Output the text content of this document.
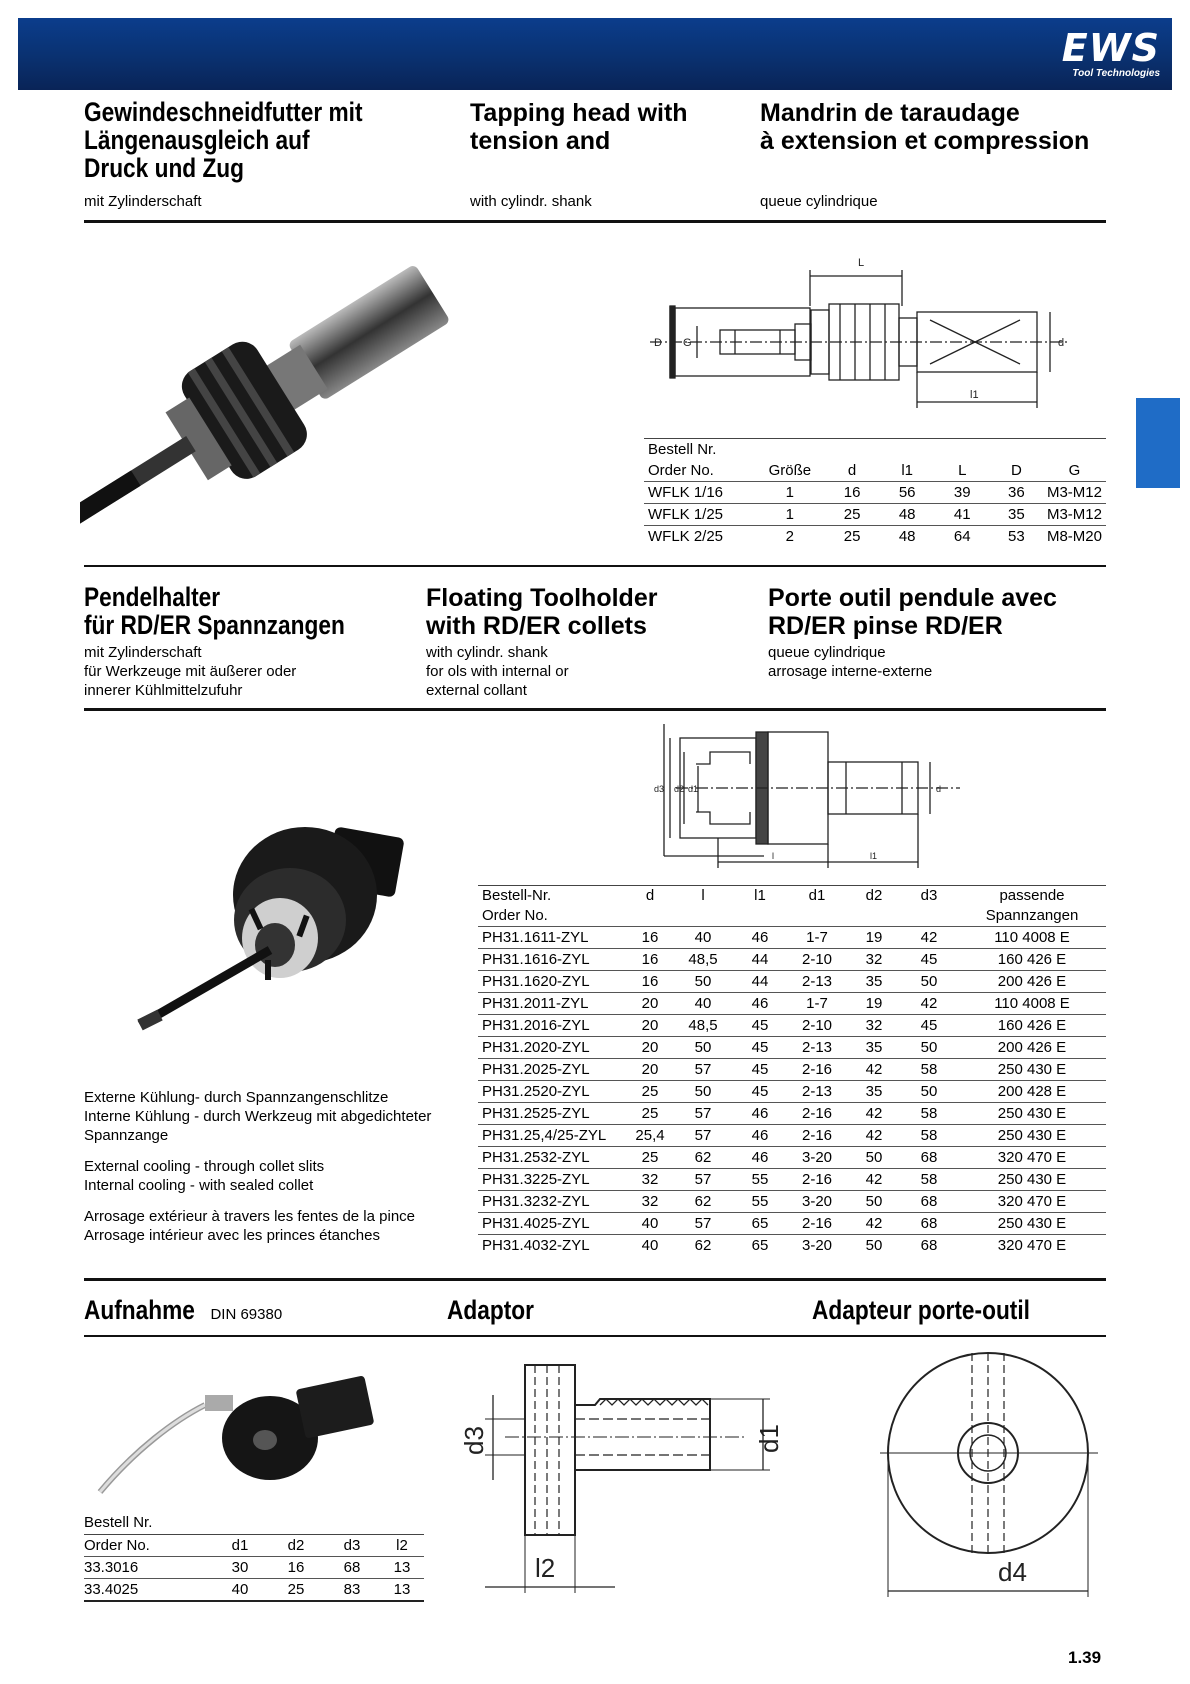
EWS
Tool Technologies
Gewindeschneidfutter mit
Längenausgleich auf
Druck und Zug
Tapping head with
tension and
Mandrin de taraudage
à extension et compression
mit Zylinderschaft	with cylindr. shank	queue cylindrique
L
D G	d
l1
Bestell Nr.
Order No.	Größe	d	l1	L	D	G
WFLK 1/16	1	16	56	39	36	M3-M12
WFLK 1/25	1	25	48	41	35	M3-M12
WFLK 2/25	2	25	48	64	53	M8-M20
Pendelhalter
für RD/ER Spannzangen
Floating Toolholder
with RD/ER collets
Porte outil pendule avec
RD/ER pinse RD/ER
mit Zylinderschaft
für Werkzeuge mit äußerer oder
innerer Kühlmittelzufuhr
with cylindr. shank
for ols with internal or
external collant
queue cylindrique
arrosage interne-externe
d3 d2 d1	d
l	l1
Externe Kühlung- durch Spannzangenschlitze
Interne Kühlung - durch Werkzeug mit abgedichteter
Spannzange
External cooling - through collet slits
Internal cooling - with sealed collet
Arrosage extérieur à travers les fentes de la pince
Arrosage intérieur avec les princes étanches
Bestell-Nr.	d	l	l1	d1	d2	d3	passende
Order No.							Spannzangen
PH31.1611-ZYL	16	40	46	1-7	19	42	110 4008 E
PH31.1616-ZYL	16	48,5	44	2-10	32	45	160 426 E
PH31.1620-ZYL	16	50	44	2-13	35	50	200 426 E
PH31.2011-ZYL	20	40	46	1-7	19	42	110 4008 E
PH31.2016-ZYL	20	48,5	45	2-10	32	45	160 426 E
PH31.2020-ZYL	20	50	45	2-13	35	50	200 426 E
PH31.2025-ZYL	20	57	45	2-16	42	58	250 430 E
PH31.2520-ZYL	25	50	45	2-13	35	50	200 428 E
PH31.2525-ZYL	25	57	46	2-16	42	58	250 430 E
PH31.25,4/25-ZYL	25,4	57	46	2-16	42	58	250 430 E
PH31.2532-ZYL	25	62	46	3-20	50	68	320 470 E
PH31.3225-ZYL	32	57	55	2-16	42	58	250 430 E
PH31.3232-ZYL	32	62	55	3-20	50	68	320 470 E
PH31.4025-ZYL	40	57	65	2-16	42	68	250 430 E
PH31.4032-ZYL	40	62	65	3-20	50	68	320 470 E
Aufnahme DIN 69380	Adaptor	Adapteur porte-outil
Bestell Nr.
Order No.	d1	d2	d3	l2
33.3016	30	16	68	13
33.4025	40	25	83	13
d3	d1
l2	d4
1.39
